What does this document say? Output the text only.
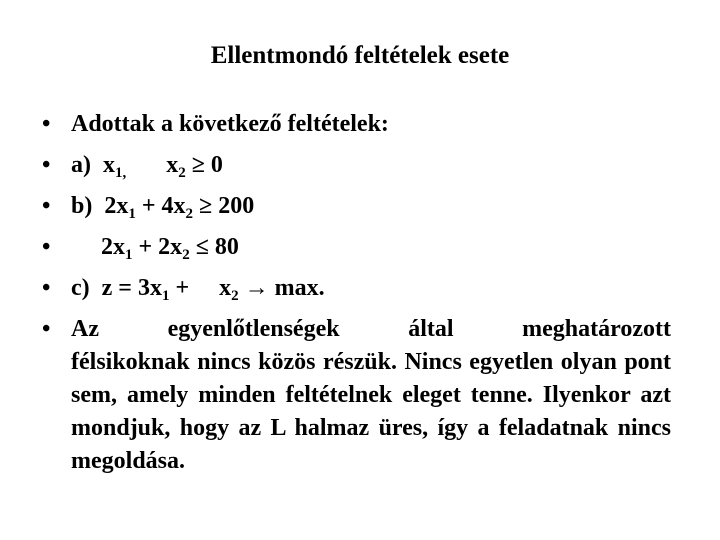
Ellentmondó feltételek esete
• Adottak a következő feltételek:
• a) $x_{1,}$ $x_2 \ge 0$
• b) $2x_1 + 4x_2 \ge 200$
• $2x_1 + 2x_2 \le 80$
• c) $z = 3x_1 + x_2 \to \max$.
• Az egyenlőtlenségek által meghatározott
félsikoknak nincs közös részük. Nincs egyetlen olyan pont sem, amely minden feltételnek eleget tenne. Ilyenkor azt mondjuk, hogy az L halmaz üres, így a feladatnak nincs megoldása.
